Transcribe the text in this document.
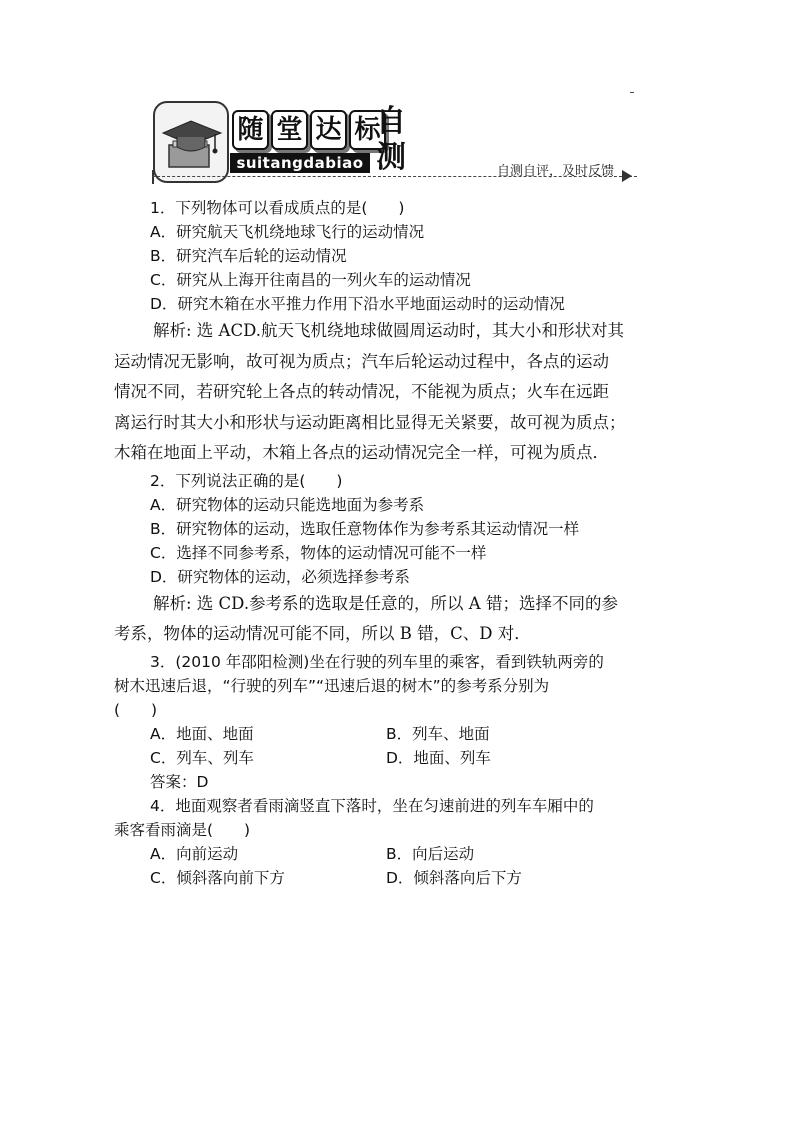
随 堂 达 标
suitangdabiao
自
测	自测自评，及时反馈
1．下列物体可以看成质点的是(　　)
A．研究航天飞机绕地球飞行的运动情况
B．研究汽车后轮的运动情况
C．研究从上海开往南昌的一列火车的运动情况
D．研究木箱在水平推力作用下沿水平地面运动时的运动情况
解析: 选 ACD.航天飞机绕地球做圆周运动时，其大小和形状对其
运动情况无影响，故可视为质点；汽车后轮运动过程中，各点的运动
情况不同，若研究轮上各点的转动情况，不能视为质点；火车在远距
离运行时其大小和形状与运动距离相比显得无关紧要，故可视为质点；
木箱在地面上平动，木箱上各点的运动情况完全一样，可视为质点．
2．下列说法正确的是(　　)
A．研究物体的运动只能选地面为参考系
B．研究物体的运动，选取任意物体作为参考系其运动情况一样
C．选择不同参考系，物体的运动情况可能不一样
D．研究物体的运动，必须选择参考系
解析: 选 CD.参考系的选取是任意的，所以 A 错；选择不同的参
考系，物体的运动情况可能不同，所以 B 错，C、D 对．
3．(2010 年邵阳检测)坐在行驶的列车里的乘客，看到铁轨两旁的
树木迅速后退，“行驶的列车”“迅速后退的树木”的参考系分别为
(　　)
A．地面、地面	B．列车、地面
C．列车、列车	D．地面、列车
答案：D
4．地面观察者看雨滴竖直下落时，坐在匀速前进的列车车厢中的
乘客看雨滴是(　　)
A．向前运动	B．向后运动
C．倾斜落向前下方	D．倾斜落向后下方
